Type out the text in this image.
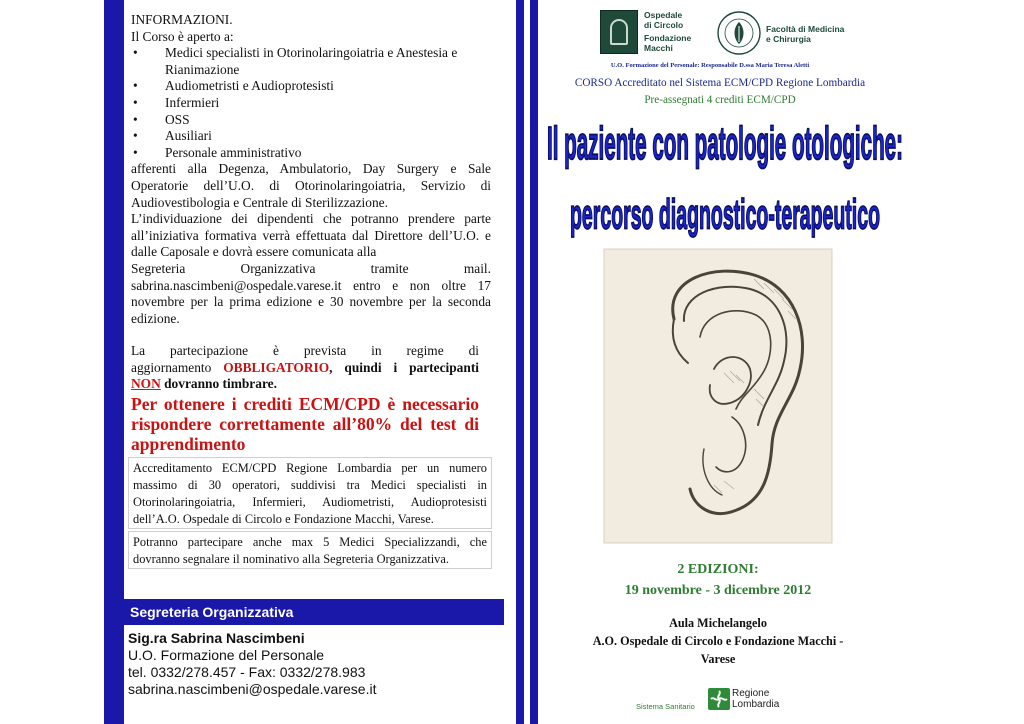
INFORMAZIONI.

Il Corso è aperto a:

• Medici specialisti in Otorinolaringoiatria e Anestesia e Rianimazione
• Audiometristi e Audioprotesisti
• Infermieri
• OSS
• Ausiliari
• Personale amministrativo

afferenti alla Degenza, Ambulatorio, Day Surgery e Sale Operatorie dell’U.O. di Otorinolaringoiatria, Servizio di Audiovestibologia e Centrale di Sterilizzazione.

L’individuazione dei dipendenti che potranno prendere parte all’iniziativa formativa verrà effettuata dal Direttore dell’U.O. e dalle Caposale e dovrà essere comunicata alla

Segreteria Organizzativa tramite mail.

sabrina.nascimbeni@ospedale.varese.it entro e non oltre 17 novembre per la prima edizione e 30 novembre per la seconda edizione.

La partecipazione è prevista in regime di

aggiornamento OBBLIGATORIO, quindi i partecipanti

NON dovranno timbrare.

Per ottenere i crediti ECM/CPD è necessario rispondere correttamente all’80% del test di apprendimento

Accreditamento ECM/CPD Regione Lombardia per un numero massimo di 30 operatori, suddivisi tra Medici specialisti in Otorinolaringoiatria, Infermieri, Audiometristi, Audioprotesisti dell’A.O. Ospedale di Circolo e Fondazione Macchi, Varese.

Potranno partecipare anche max 5 Medici Specializzandi, che dovranno segnalare il nominativo alla Segreteria Organizzativa.

Segreteria Organizzativa
Sig.ra Sabrina Nascimbeni
U.O. Formazione del Personale
tel. 0332/278.457 - Fax: 0332/278.983
sabrina.nascimbeni@ospedale.varese.it
Ospedale
di Circolo
Fondazione
Macchi
Facoltà di Medicina
e Chirurgia
U.O. Formazione del Personale: Responsabile D.ssa Maria Teresa Aletti
CORSO Accreditato nel Sistema ECM/CPD Regione Lombardia
Pre-assegnati 4 crediti ECM/CPD
Il paziente con patologie otologiche:
percorso diagnostico-terapeutico
2 EDIZIONI:
19 novembre - 3 dicembre 2012
Aula Michelangelo
A.O. Ospedale di Circolo e Fondazione Macchi -
Varese
Sistema Sanitario
Regione
Lombardia
